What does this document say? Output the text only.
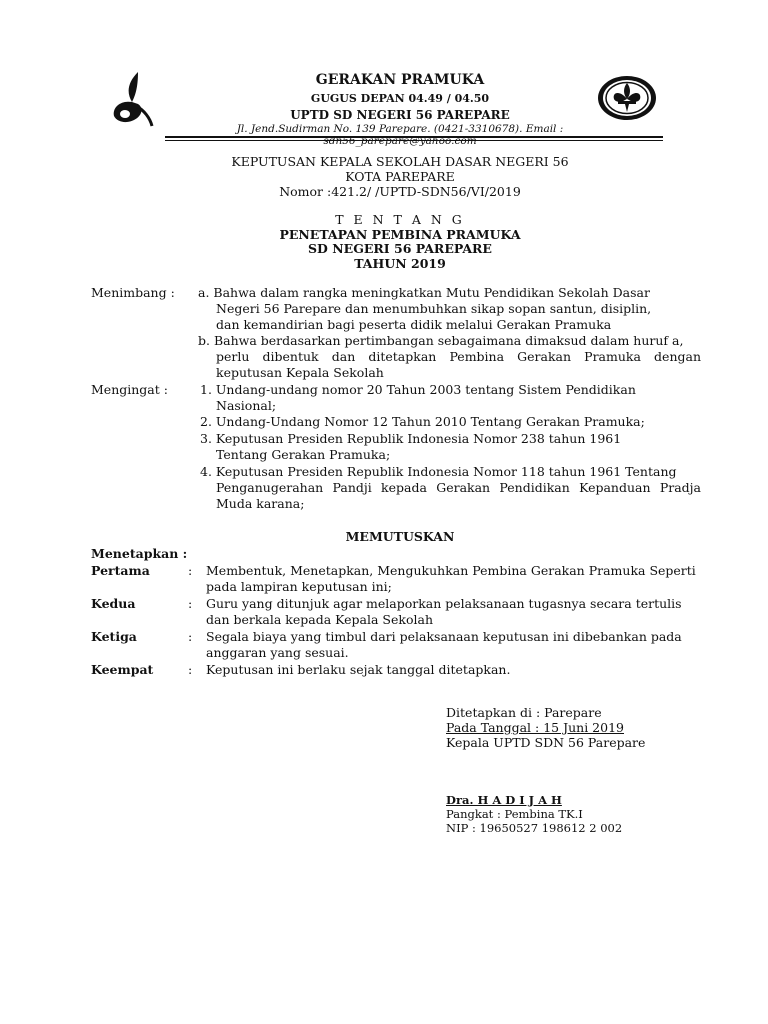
GERAKAN PRAMUKA
GUGUS DEPAN 04.49 / 04.50
UPTD SD NEGERI 56 PAREPARE
Jl. Jend.Sudirman No. 139 Parepare. (0421-3310678). Email : sdn56_parepare@yahoo.com
KEPUTUSAN KEPALA SEKOLAH DASAR NEGERI 56
KOTA PAREPARE
Nomor :421.2/ /UPTD-SDN56/VI/2019
T E N T A N G
PENETAPAN PEMBINA PRAMUKA
SD NEGERI 56 PAREPARE
TAHUN 2019
Menimbang : a. Bahwa dalam rangka meningkatkan Mutu Pendidikan Sekolah Dasar
Negeri 56 Parepare dan menumbuhkan sikap sopan santun, disiplin,
dan kemandirian bagi peserta didik melalui Gerakan Pramuka
b. Bahwa berdasarkan pertimbangan sebagaimana dimaksud dalam huruf a,
perlu dibentuk dan ditetapkan Pembina Gerakan Pramuka dengan
keputusan Kepala Sekolah
Mengingat :	1. Undang-undang nomor 20 Tahun 2003 tentang Sistem Pendidikan
Nasional;
2. Undang-Undang Nomor 12 Tahun 2010 Tentang Gerakan Pramuka;
3. Keputusan Presiden Republik Indonesia Nomor 238 tahun 1961
Tentang Gerakan Pramuka;
4. Keputusan Presiden Republik Indonesia Nomor 118 tahun 1961 Tentang
Penganugerahan Pandji kepada Gerakan Pendidikan Kepanduan Pradja
Muda karana;
MEMUTUSKAN
Menetapkan :
Pertama	: Membentuk, Menetapkan, Mengukuhkan Pembina Gerakan Pramuka Seperti
pada lampiran keputusan ini;
Kedua	: Guru yang ditunjuk agar melaporkan pelaksanaan tugasnya secara tertulis
dan berkala kepada Kepala Sekolah
Ketiga	: Segala biaya yang timbul dari pelaksanaan keputusan ini dibebankan pada
anggaran yang sesuai.
Keempat	: Keputusan ini berlaku sejak tanggal ditetapkan.
Ditetapkan di : Parepare
Pada Tanggal : 15 Juni 2019
Kepala UPTD SDN 56 Parepare
Dra. H A D I J A H
Pangkat : Pembina TK.I
NIP : 19650527 198612 2 002
